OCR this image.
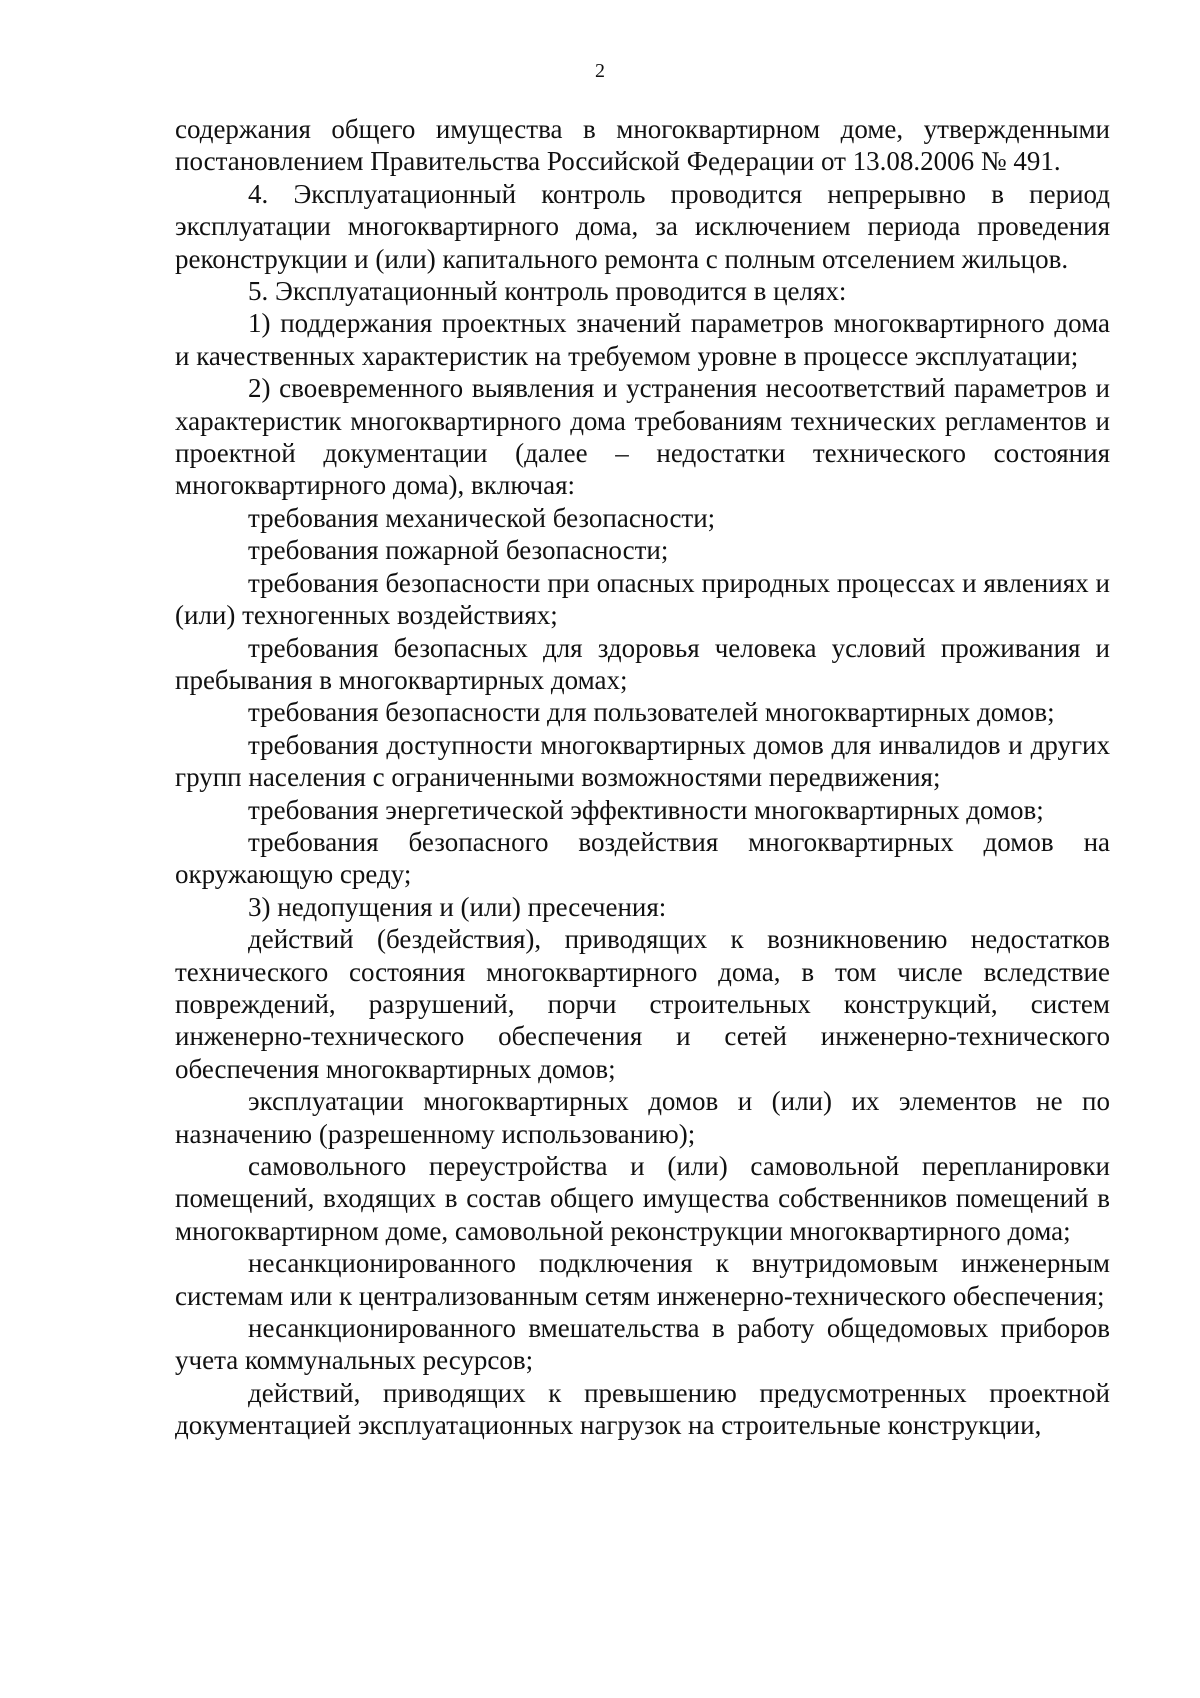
2

содержания общего имущества в многоквартирном доме, утвержденными постановлением Правительства Российской Федерации от 13.08.2006 № 491.

4. Эксплуатационный контроль проводится непрерывно в период эксплуатации многоквартирного дома, за исключением периода проведения реконструкции и (или) капитального ремонта с полным отселением жильцов.

5. Эксплуатационный контроль проводится в целях:

1) поддержания проектных значений параметров многоквартирного дома и качественных характеристик на требуемом уровне в процессе эксплуатации;

2) своевременного выявления и устранения несоответствий параметров и характеристик многоквартирного дома требованиям технических регламентов и проектной документации (далее – недостатки технического состояния многоквартирного дома), включая:

требования механической безопасности;

требования пожарной безопасности;

требования безопасности при опасных природных процессах и явлениях и (или) техногенных воздействиях;

требования безопасных для здоровья человека условий проживания и пребывания в многоквартирных домах;

требования безопасности для пользователей многоквартирных домов;

требования доступности многоквартирных домов для инвалидов и других групп населения с ограниченными возможностями передвижения;

требования энергетической эффективности многоквартирных домов;

требования безопасного воздействия многоквартирных домов на окружающую среду;

3) недопущения и (или) пресечения:

действий (бездействия), приводящих к возникновению недостатков технического состояния многоквартирного дома, в том числе вследствие повреждений, разрушений, порчи строительных конструкций, систем инженерно-технического обеспечения и сетей инженерно-технического обеспечения многоквартирных домов;

эксплуатации многоквартирных домов и (или) их элементов не по назначению (разрешенному использованию);

самовольного переустройства и (или) самовольной перепланировки помещений, входящих в состав общего имущества собственников помещений в многоквартирном доме, самовольной реконструкции многоквартирного дома;

несанкционированного подключения к внутридомовым инженерным системам или к централизованным сетям инженерно-технического обеспечения;

несанкционированного вмешательства в работу общедомовых приборов учета коммунальных ресурсов;

действий, приводящих к превышению предусмотренных проектной документацией эксплуатационных нагрузок на строительные конструкции,
